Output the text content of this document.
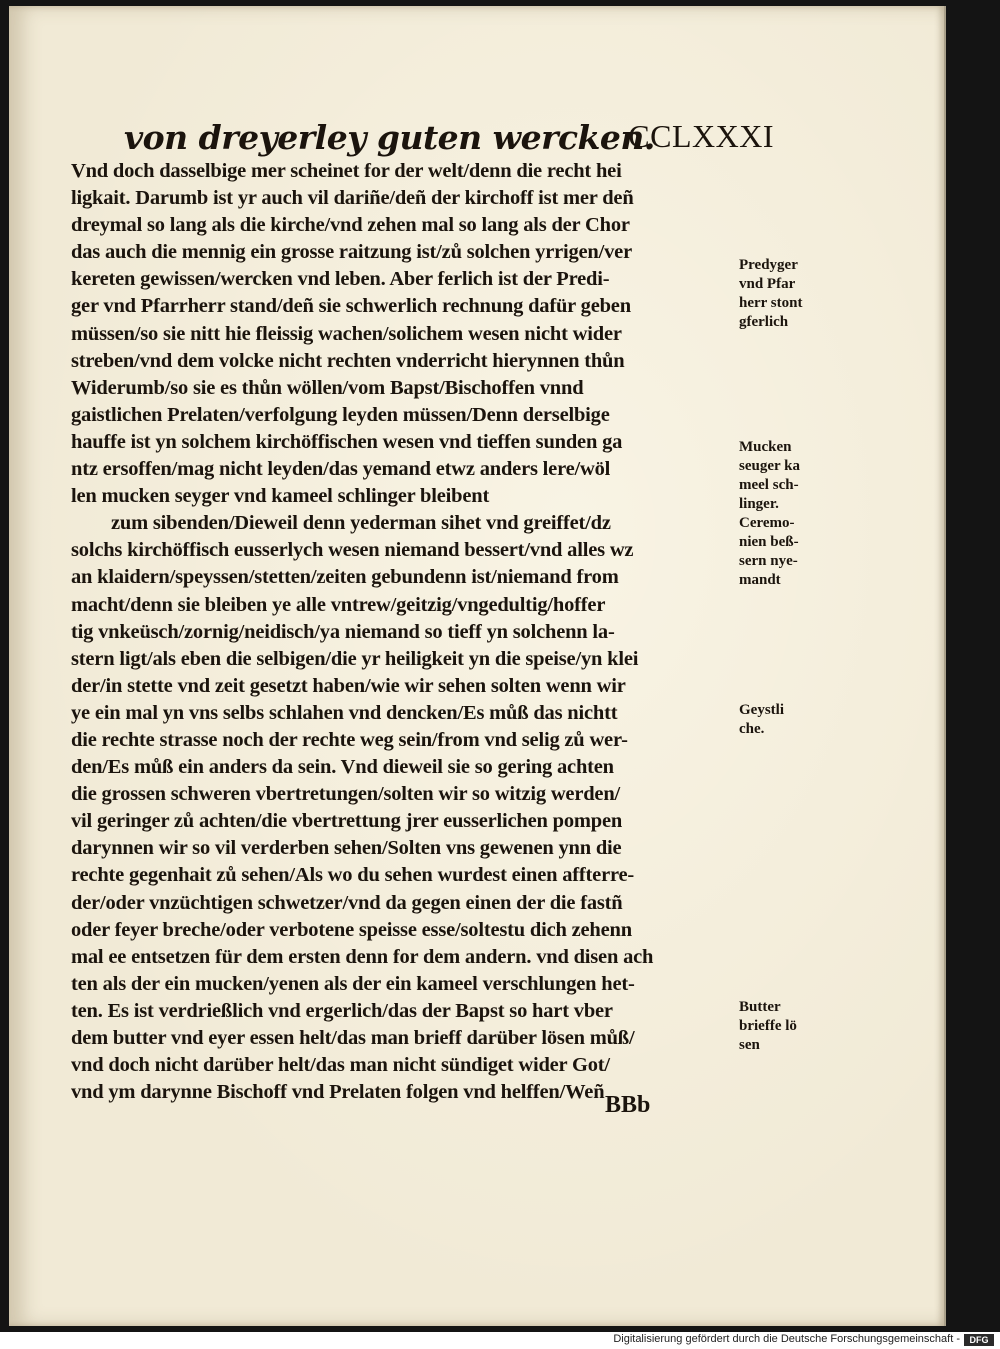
von dreyerley guten wercken.
CCLXXXI
Vnd doch dasselbige mer scheinet for der welt/denn die recht hei
ligkait. Darumb ist yr auch vil dariñe/deñ der kirchoff ist mer deñ
dreymal so lang als die kirche/vnd zehen mal so lang als der Chor
das auch die mennig ein grosse raitzung ist/zů solchen yrrigen/ver
kereten gewissen/wercken vnd leben. Aber ferlich ist der Predi-
ger vnd Pfarrherr stand/deñ sie schwerlich rechnung dafür geben
müssen/so sie nitt hie fleissig wachen/solichem wesen nicht wider
streben/vnd dem volcke nicht rechten vnderricht hierynnen thůn
Widerumb/so sie es thůn wöllen/vom Bapst/Bischoffen vnnd
gaistlichen Prelaten/verfolgung leyden müssen/Denn derselbige
hauffe ist yn solchem kirchöffischen wesen vnd tieffen sunden ga
ntz ersoffen/mag nicht leyden/das yemand etwz anders lere/wöl
len mucken seyger vnd kameel schlinger bleibent
zum sibenden/Dieweil denn yederman sihet vnd greiffet/dz
solchs kirchöffisch eusserlych wesen niemand bessert/vnd alles wz
an klaidern/speyssen/stetten/zeiten gebundenn ist/niemand from
macht/denn sie bleiben ye alle vntrew/geitzig/vngedultig/hoffer
tig vnkeüsch/zornig/neidisch/ya niemand so tieff yn solchenn la-
stern ligt/als eben die selbigen/die yr heiligkeit yn die speise/yn klei
der/in stette vnd zeit gesetzt haben/wie wir sehen solten wenn wir
ye ein mal yn vns selbs schlahen vnd dencken/Es můß das nichtt
die rechte strasse noch der rechte weg sein/from vnd selig zů wer-
den/Es můß ein anders da sein. Vnd dieweil sie so gering achten
die grossen schweren vbertretungen/solten wir so witzig werden/
vil geringer zů achten/die vbertrettung jrer eusserlichen pompen
darynnen wir so vil verderben sehen/Solten vns gewenen ynn die
rechte gegenhait zů sehen/Als wo du sehen wurdest einen affterre-
der/oder vnzüchtigen schwetzer/vnd da gegen einen der die fastñ
oder feyer breche/oder verbotene speisse esse/soltestu dich zehenn
mal ee entsetzen für dem ersten denn for dem andern. vnd disen ach
ten als der ein mucken/yenen als der ein kameel verschlungen het-
ten. Es ist verdrießlich vnd ergerlich/das der Bapst so hart vber
dem butter vnd eyer essen helt/das man brieff darüber lösen můß/
vnd doch nicht darüber helt/das man nicht sündiget wider Got/
vnd ym darynne Bischoff vnd Prelaten folgen vnd helffen/Weñ
Predyger
vnd Pfar
herr stont
gferlich
Mucken
seuger ka
meel sch-
linger.
Ceremo-
nien beß-
sern nye-
mandt
Geystli
che.
Butter
brieffe lö
sen
BBb
Digitalisierung gefördert durch die Deutsche Forschungsgemeinschaft -	DFG
